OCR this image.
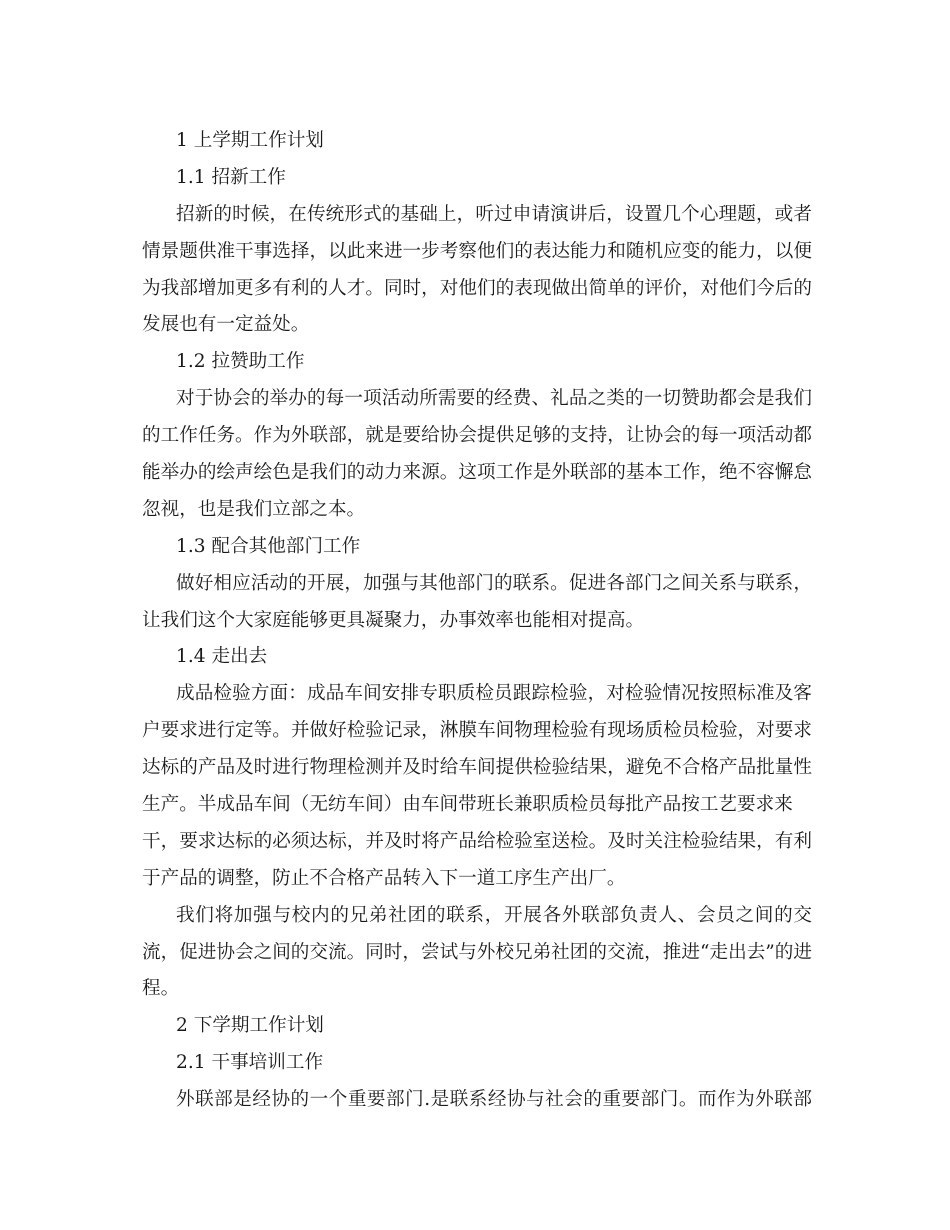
1 上学期工作计划

1.1 招新工作

招新的时候，在传统形式的基础上，听过申请演讲后，设置几个心理题，或者

情景题供准干事选择，以此来进一步考察他们的表达能力和随机应变的能力，以便

为我部增加更多有利的人才。同时，对他们的表现做出简单的评价，对他们今后的

发展也有一定益处。

1.2 拉赞助工作

对于协会的举办的每一项活动所需要的经费、礼品之类的一切赞助都会是我们

的工作任务。作为外联部，就是要给协会提供足够的支持，让协会的每一项活动都

能举办的绘声绘色是我们的动力来源。这项工作是外联部的基本工作，绝不容懈怠

忽视，也是我们立部之本。

1.3 配合其他部门工作

做好相应活动的开展，加强与其他部门的联系。促进各部门之间关系与联系，

让我们这个大家庭能够更具凝聚力，办事效率也能相对提高。

1.4 走出去

成品检验方面：成品车间安排专职质检员跟踪检验，对检验情况按照标准及客

户要求进行定等。并做好检验记录，淋膜车间物理检验有现场质检员检验，对要求

达标的产品及时进行物理检测并及时给车间提供检验结果，避免不合格产品批量性

生产。半成品车间（无纺车间）由车间带班长兼职质检员每批产品按工艺要求来

干，要求达标的必须达标，并及时将产品给检验室送检。及时关注检验结果，有利

于产品的调整，防止不合格产品转入下一道工序生产出厂。

我们将加强与校内的兄弟社团的联系，开展各外联部负责人、会员之间的交

流，促进协会之间的交流。同时，尝试与外校兄弟社团的交流，推进“走出去”的进

程。

2 下学期工作计划

2.1 干事培训工作

外联部是经协的一个重要部门.是联系经协与社会的重要部门。而作为外联部
